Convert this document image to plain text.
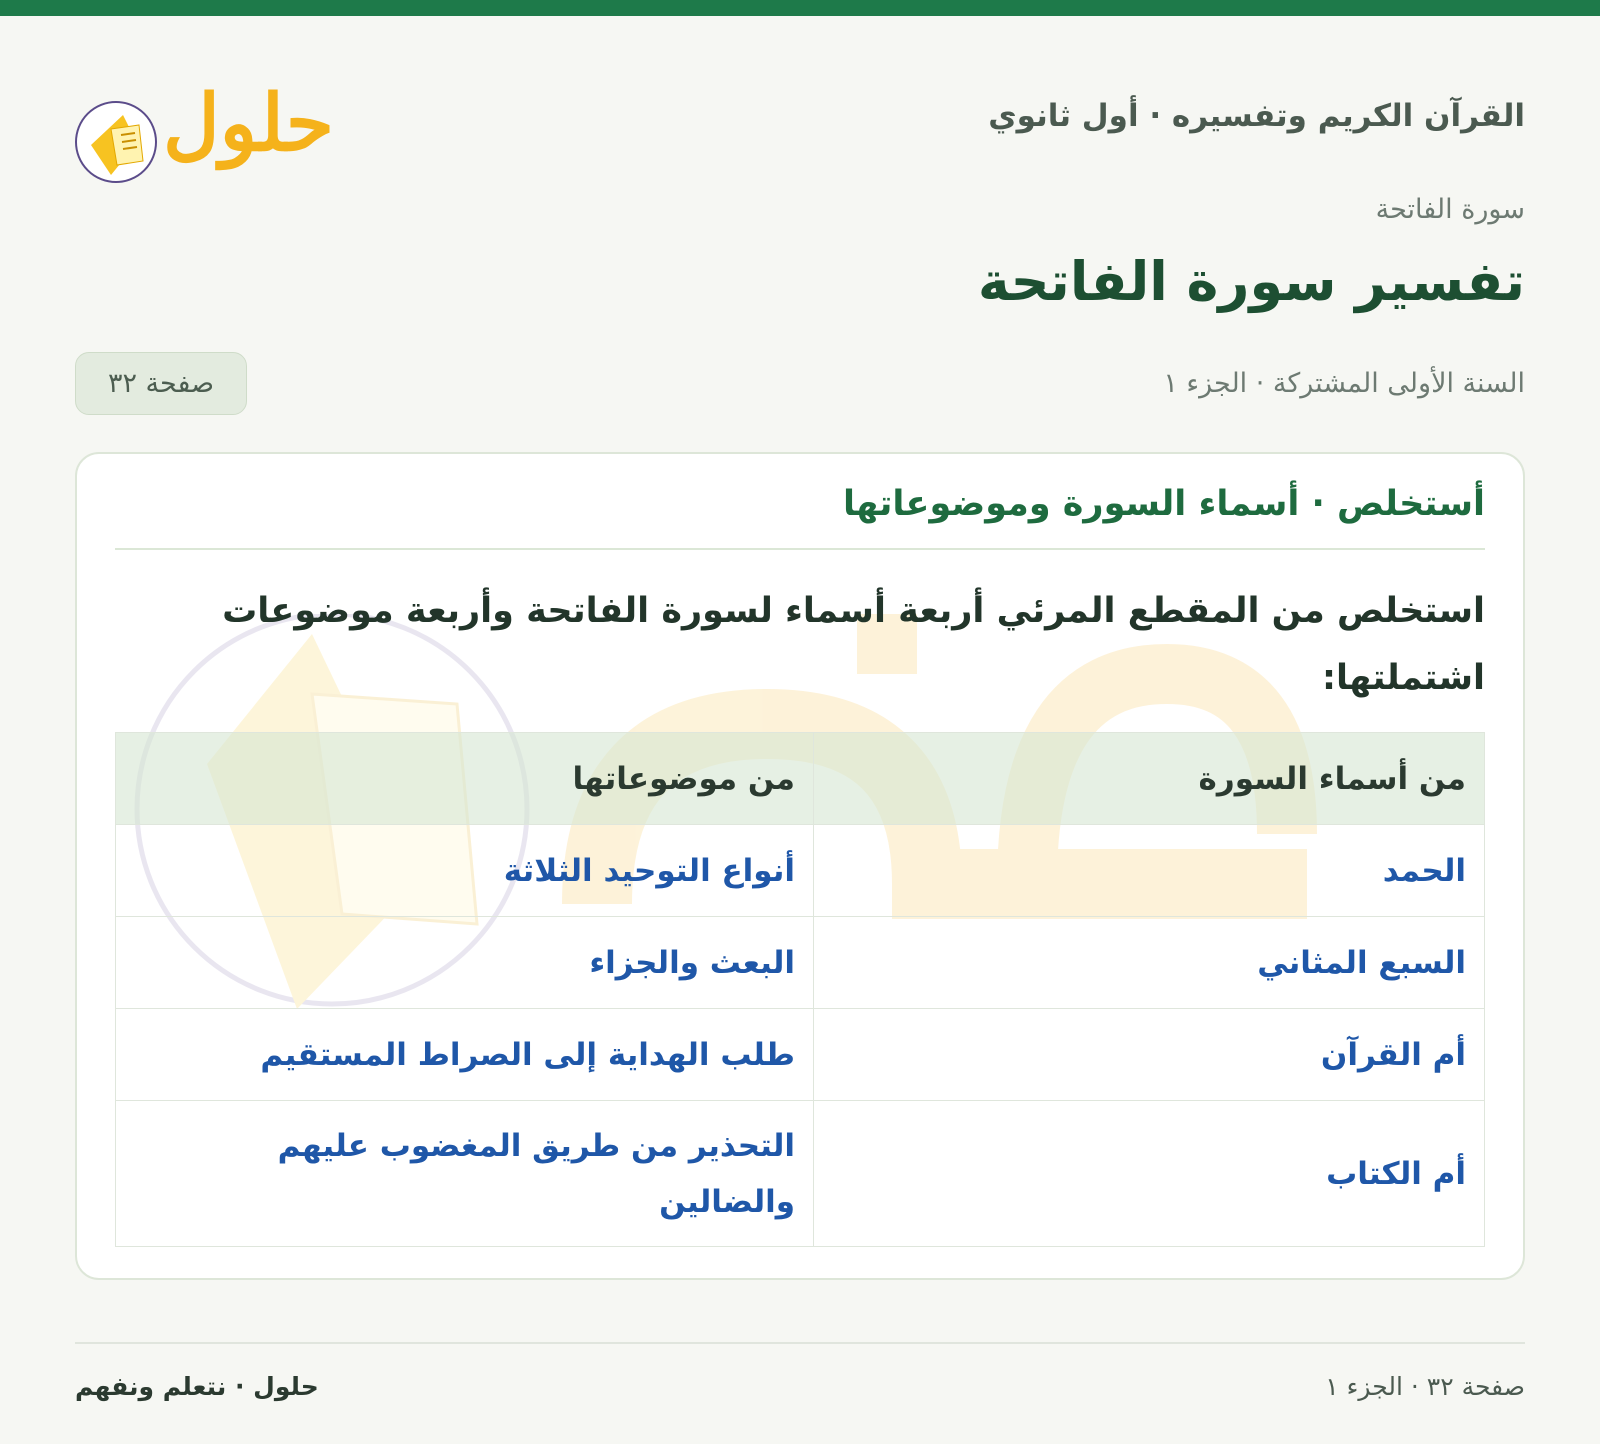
القرآن الكريم وتفسيره · أول ثانوي
حلول
سورة الفاتحة
تفسير سورة الفاتحة
السنة الأولى المشتركة · الجزء ١
صفحة ٣٢
أستخلص · أسماء السورة وموضوعاتها

استخلص من المقطع المرئي أربعة أسماء لسورة الفاتحة وأربعة موضوعات اشتملتها:

من أسماء السورة	من موضوعاتها
الحمد	أنواع التوحيد الثلاثة
السبع المثاني	البعث والجزاء
أم القرآن	طلب الهداية إلى الصراط المستقيم
أم الكتاب	التحذير من طريق المغضوب عليهم والضالين
صفحة ٣٢ · الجزء ١
حلول · نتعلم ونفهم
